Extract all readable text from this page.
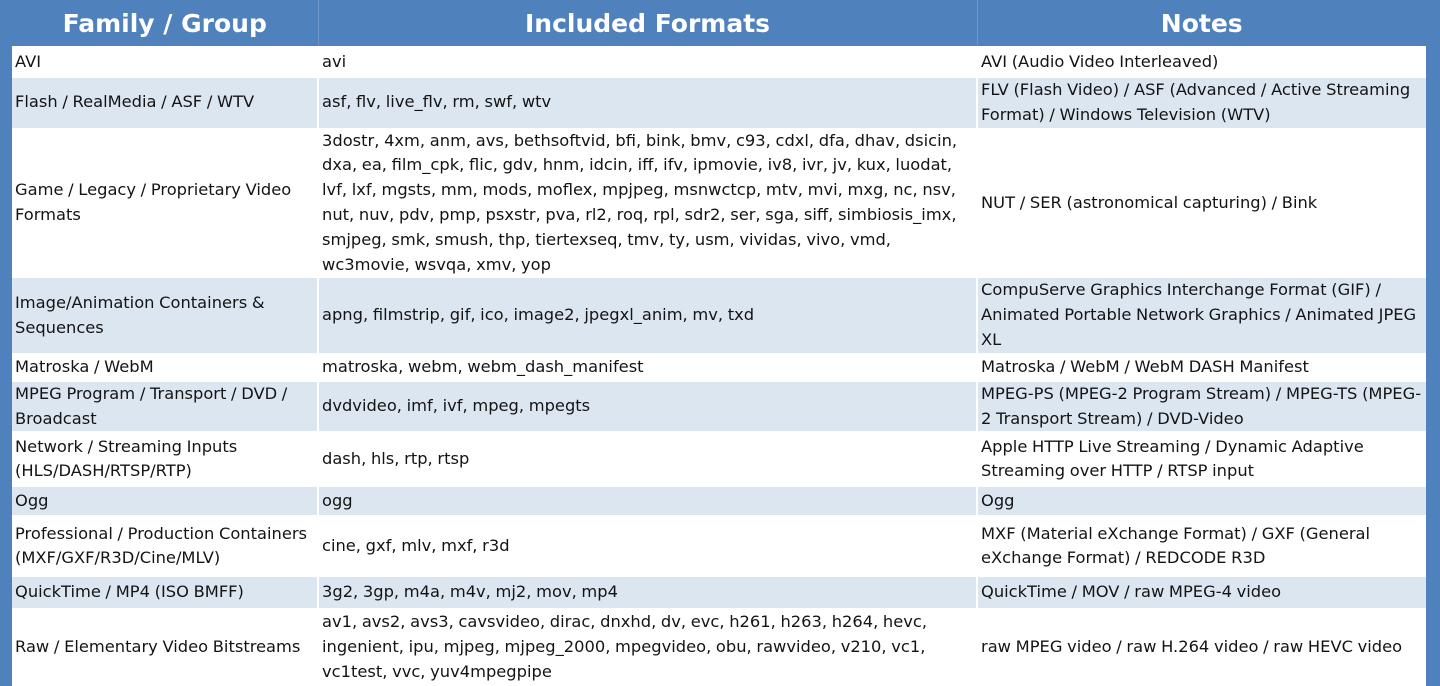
Family / Group	Included Formats	Notes
AVI	avi	AVI (Audio Video Interleaved)
Flash / RealMedia / ASF / WTV	asf, flv, live_flv, rm, swf, wtv	FLV (Flash Video) / ASF (Advanced / Active Streaming Format) / Windows Television (WTV)
Game / Legacy / Proprietary Video Formats	3dostr, 4xm, anm, avs, bethsoftvid, bfi, bink, bmv, c93, cdxl, dfa, dhav, dsicin, dxa, ea, film_cpk, flic, gdv, hnm, idcin, iff, ifv, ipmovie, iv8, ivr, jv, kux, luodat, lvf, lxf, mgsts, mm, mods, moflex, mpjpeg, msnwctcp, mtv, mvi, mxg, nc, nsv, nut, nuv, pdv, pmp, psxstr, pva, rl2, roq, rpl, sdr2, ser, sga, siff, simbiosis_imx, smjpeg, smk, smush, thp, tiertexseq, tmv, ty, usm, vividas, vivo, vmd, wc3movie, wsvqa, xmv, yop	NUT / SER (astronomical capturing) / Bink
Image/Animation Containers & Sequences	apng, filmstrip, gif, ico, image2, jpegxl_anim, mv, txd	CompuServe Graphics Interchange Format (GIF) / Animated Portable Network Graphics / Animated JPEG XL
Matroska / WebM	matroska, webm, webm_dash_manifest	Matroska / WebM / WebM DASH Manifest
MPEG Program / Transport / DVD / Broadcast	dvdvideo, imf, ivf, mpeg, mpegts	MPEG-PS (MPEG-2 Program Stream) / MPEG-TS (MPEG-2 Transport Stream) / DVD-Video
Network / Streaming Inputs (HLS/DASH/RTSP/RTP)	dash, hls, rtp, rtsp	Apple HTTP Live Streaming / Dynamic Adaptive Streaming over HTTP / RTSP input
Ogg	ogg	Ogg
Professional / Production Containers (MXF/GXF/R3D/Cine/MLV)	cine, gxf, mlv, mxf, r3d	MXF (Material eXchange Format) / GXF (General eXchange Format) / REDCODE R3D
QuickTime / MP4 (ISO BMFF)	3g2, 3gp, m4a, m4v, mj2, mov, mp4	QuickTime / MOV / raw MPEG-4 video
Raw / Elementary Video Bitstreams	av1, avs2, avs3, cavsvideo, dirac, dnxhd, dv, evc, h261, h263, h264, hevc, ingenient, ipu, mjpeg, mjpeg_2000, mpegvideo, obu, rawvideo, v210, vc1, vc1test, vvc, yuv4mpegpipe	raw MPEG video / raw H.264 video / raw HEVC video
